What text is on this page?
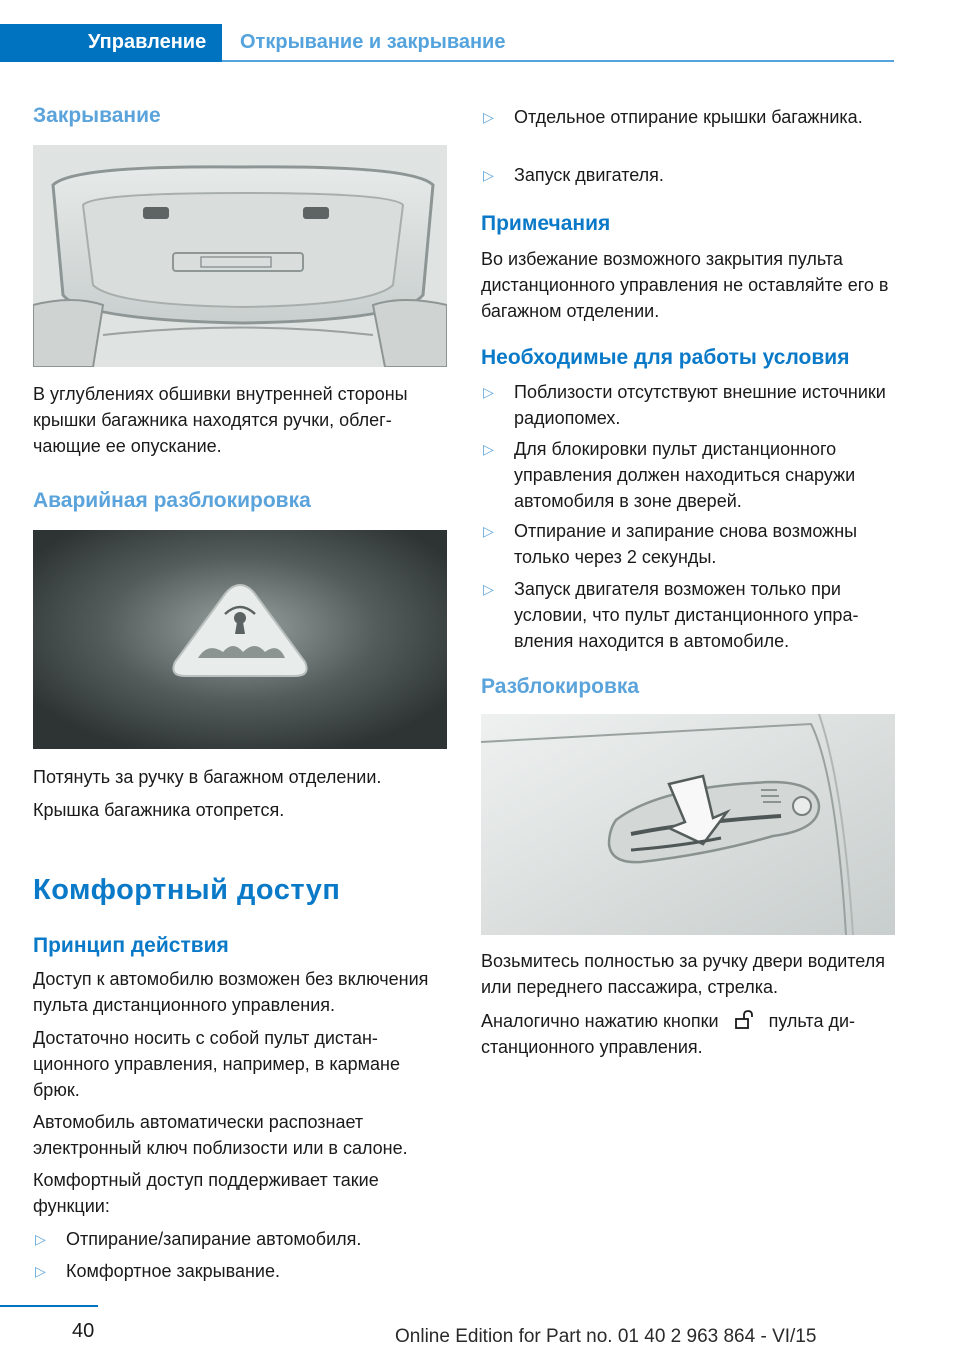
Управление	Открывание и закрывание
Закрывание
В углублениях обшивки внутренней стороны крышки багажника находятся ручки, облегчающие ее опускание.
Аварийная разблокировка
Потянуть за ручку в багажном отделении.
Крышка багажника отопрется.
Комфортный доступ
Принцип действия
Доступ к автомобилю возможен без включения пульта дистанционного управления.
Достаточно носить с собой пульт дистанционного управления, например, в кармане брюк.
Автомобиль автоматически распознает электронный ключ поблизости или в салоне.
Комфортный доступ поддерживает такие функции:
▷ Отпирание/запирание автомобиля.
▷ Комфортное закрывание.
▷ Отдельное отпирание крышки багажника.
▷ Запуск двигателя.
Примечания
Во избежание возможного закрытия пульта дистанционного управления не оставляйте его в багажном отделении.
Необходимые для работы условия
▷ Поблизости отсутствуют внешние источники радиопомех.
▷ Для блокировки пульт дистанционного управления должен находиться снаружи автомобиля в зоне дверей.
▷ Отпирание и запирание снова возможны только через 2 секунды.
▷ Запуск двигателя возможен только при условии, что пульт дистанционного управления находится в автомобиле.
Разблокировка
Возьмитесь полностью за ручку двери водителя или переднего пассажира, стрелка.
Аналогично нажатию кнопки	пульта дистанционного управления.
40	Online Edition for Part no. 01 40 2 963 864 - VI/15
